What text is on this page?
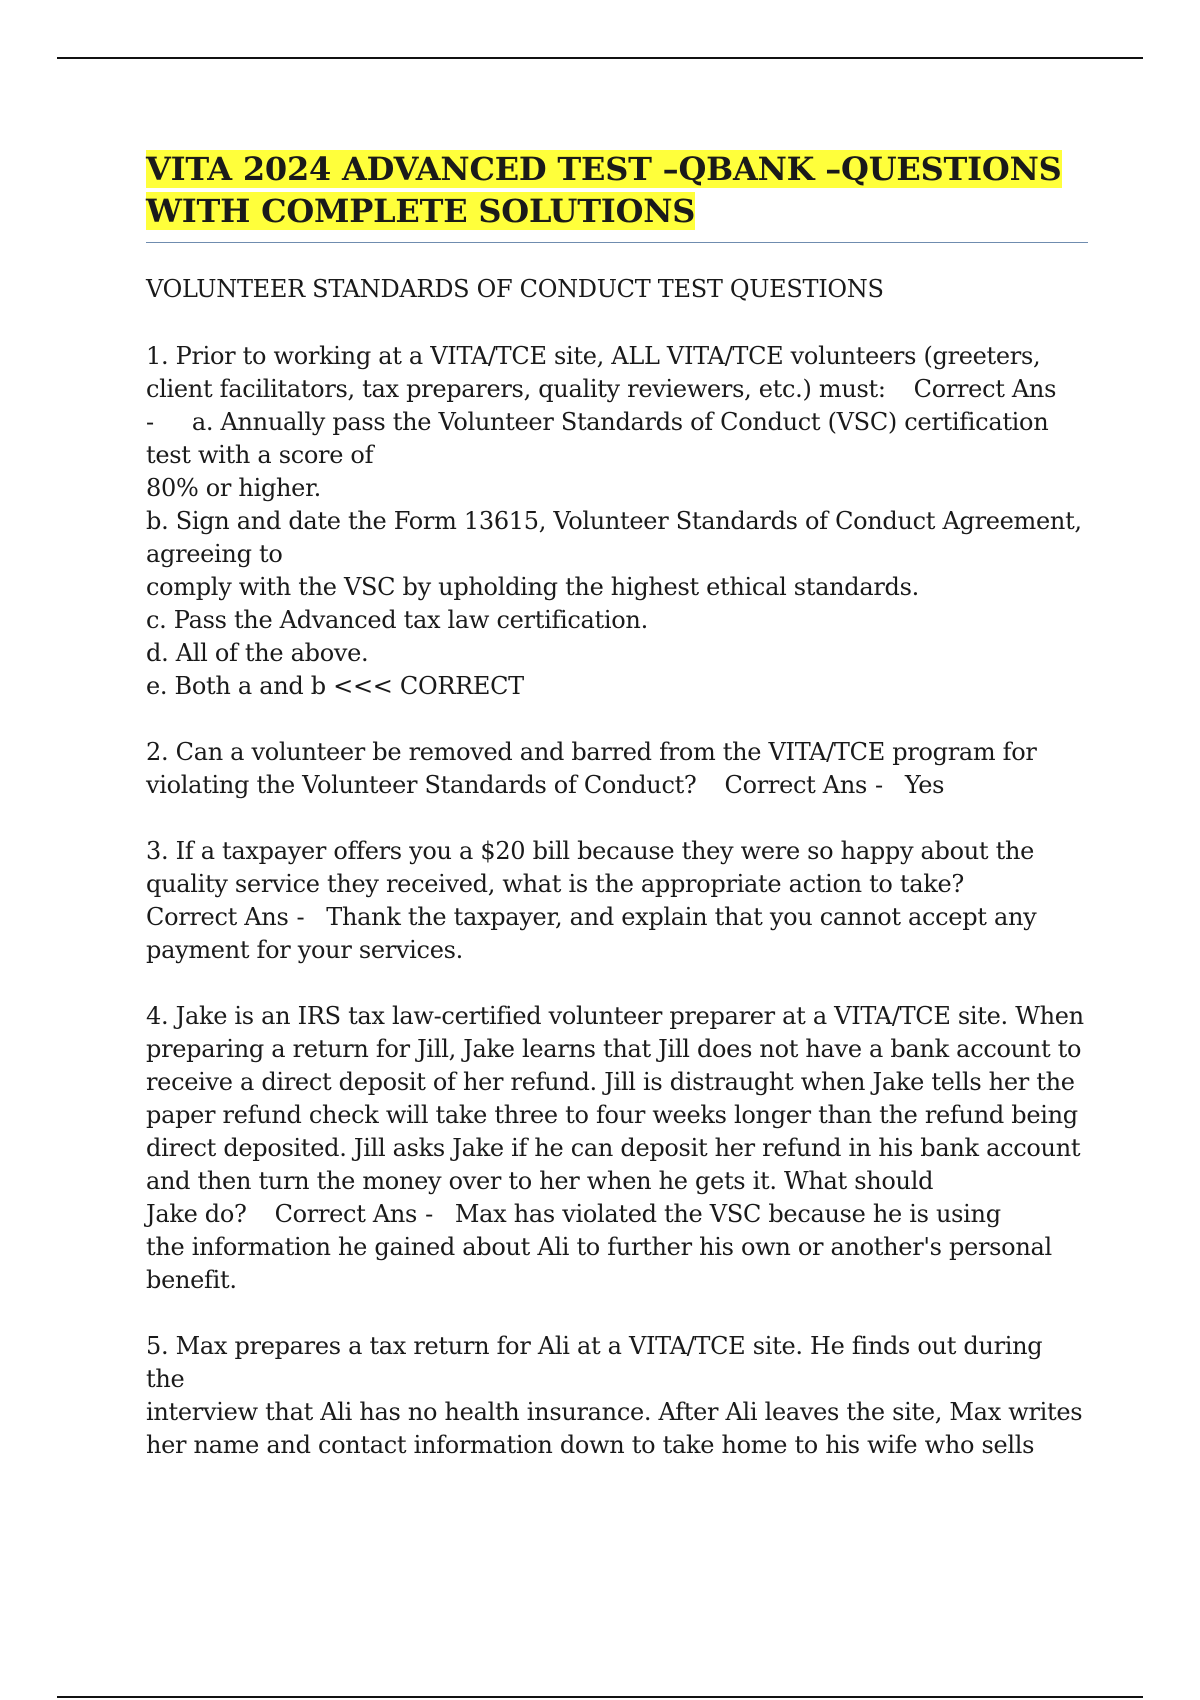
VITA 2024 ADVANCED TEST –QBANK –QUESTIONS
WITH COMPLETE SOLUTIONS

VOLUNTEER STANDARDS OF CONDUCT TEST QUESTIONS

1. Prior to working at a VITA/TCE site, ALL VITA/TCE volunteers (greeters,

client facilitators, tax preparers, quality reviewers, etc.) must: Correct Ans

- a. Annually pass the Volunteer Standards of Conduct (VSC) certification

test with a score of

80% or higher.

b. Sign and date the Form 13615, Volunteer Standards of Conduct Agreement,

agreeing to

comply with the VSC by upholding the highest ethical standards.

c. Pass the Advanced tax law certification.

d. All of the above.

e. Both a and b <<< CORRECT

2. Can a volunteer be removed and barred from the VITA/TCE program for

violating the Volunteer Standards of Conduct? Correct Ans - Yes

3. If a taxpayer offers you a $20 bill because they were so happy about the

quality service they received, what is the appropriate action to take?

Correct Ans - Thank the taxpayer, and explain that you cannot accept any

payment for your services.

4. Jake is an IRS tax law-certified volunteer preparer at a VITA/TCE site. When

preparing a return for Jill, Jake learns that Jill does not have a bank account to

receive a direct deposit of her refund. Jill is distraught when Jake tells her the

paper refund check will take three to four weeks longer than the refund being

direct deposited. Jill asks Jake if he can deposit her refund in his bank account

and then turn the money over to her when he gets it. What should

Jake do? Correct Ans - Max has violated the VSC because he is using

the information he gained about Ali to further his own or another's personal

benefit.

5. Max prepares a tax return for Ali at a VITA/TCE site. He finds out during the

interview that Ali has no health insurance. After Ali leaves the site, Max writes

her name and contact information down to take home to his wife who sells
